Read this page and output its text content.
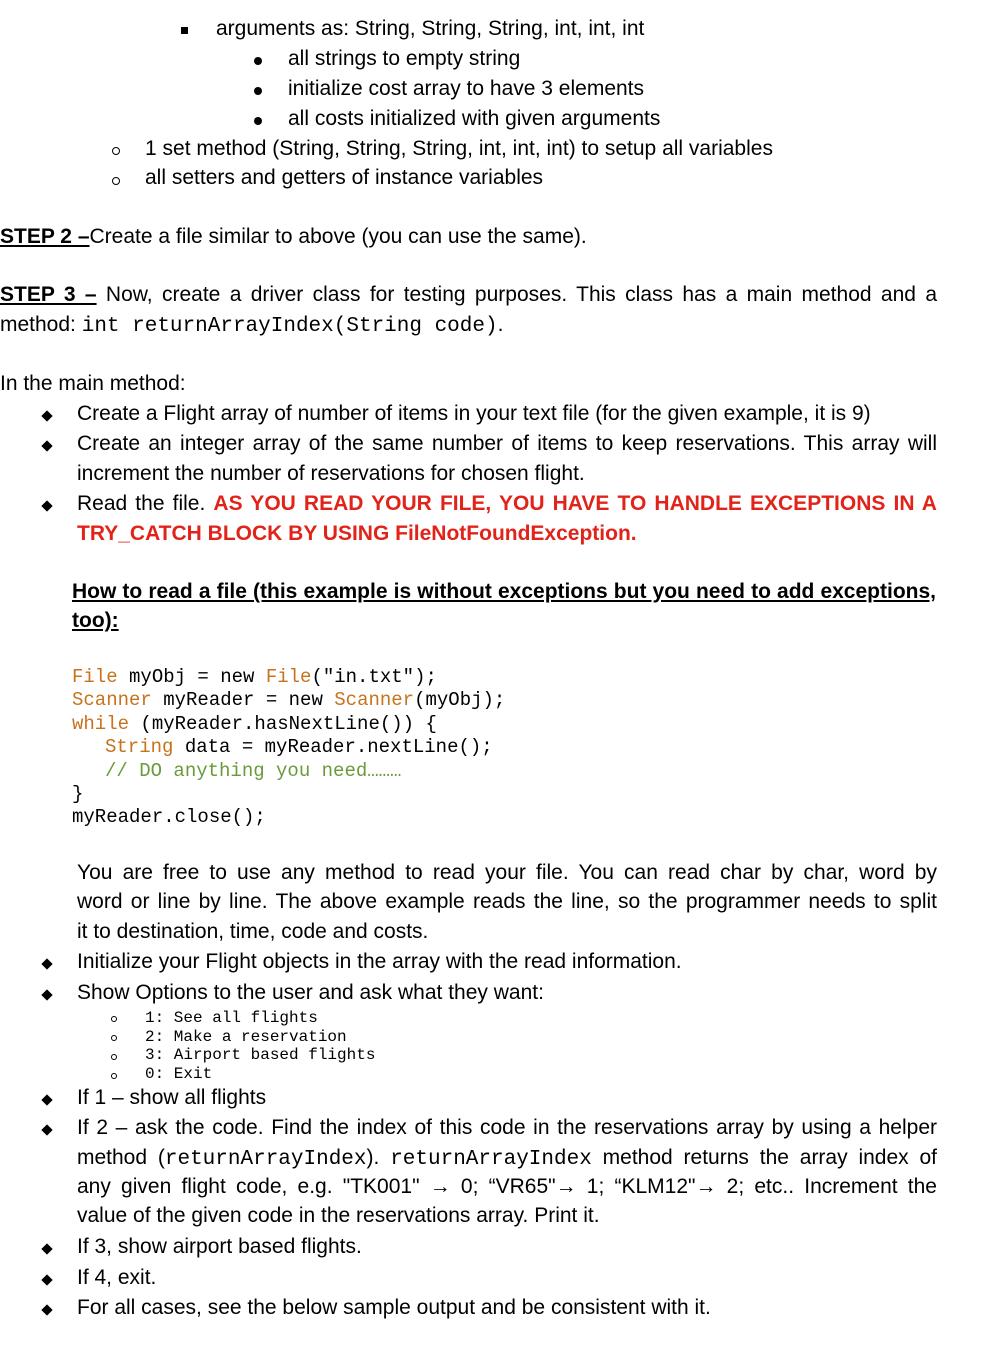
arguments as: String, String, String, int, int, int
all strings to empty string
initialize cost array to have 3 elements
all costs initialized with given arguments
1 set method (String, String, String, int, int, int) to setup all variables
all setters and getters of instance variables
STEP 2 –Create a file similar to above (you can use the same).
STEP 3 – Now, create a driver class for testing purposes. This class has a main method and a
method: int returnArrayIndex(String code).
In the main method:
Create a Flight array of number of items in your text file (for the given example, it is 9)
Create an integer array of the same number of items to keep reservations. This array will
increment the number of reservations for chosen flight.
Read the file. AS YOU READ YOUR FILE, YOU HAVE TO HANDLE EXCEPTIONS IN A
TRY_CATCH BLOCK BY USING FileNotFoundException.
How to read a file (this example is without exceptions but you need to add exceptions,
too):
File myObj = new File("in.txt");
Scanner myReader = new Scanner(myObj);
while (myReader.hasNextLine()) {
String data = myReader.nextLine();
// DO anything you need………
}
myReader.close();
You are free to use any method to read your file. You can read char by char, word by
word or line by line. The above example reads the line, so the programmer needs to split
it to destination, time, code and costs.
Initialize your Flight objects in the array with the read information.
Show Options to the user and ask what they want:
1: See all flights
2: Make a reservation
3: Airport based flights
0: Exit
If 1 – show all flights
If 2 – ask the code. Find the index of this code in the reservations array by using a helper
method (returnArrayIndex). returnArrayIndex method returns the array index of
any given flight code, e.g. "TK001" → 0; “VR65"→ 1; “KLM12"→ 2; etc.. Increment the
value of the given code in the reservations array. Print it.
If 3, show airport based flights.
If 4, exit.
For all cases, see the below sample output and be consistent with it.
